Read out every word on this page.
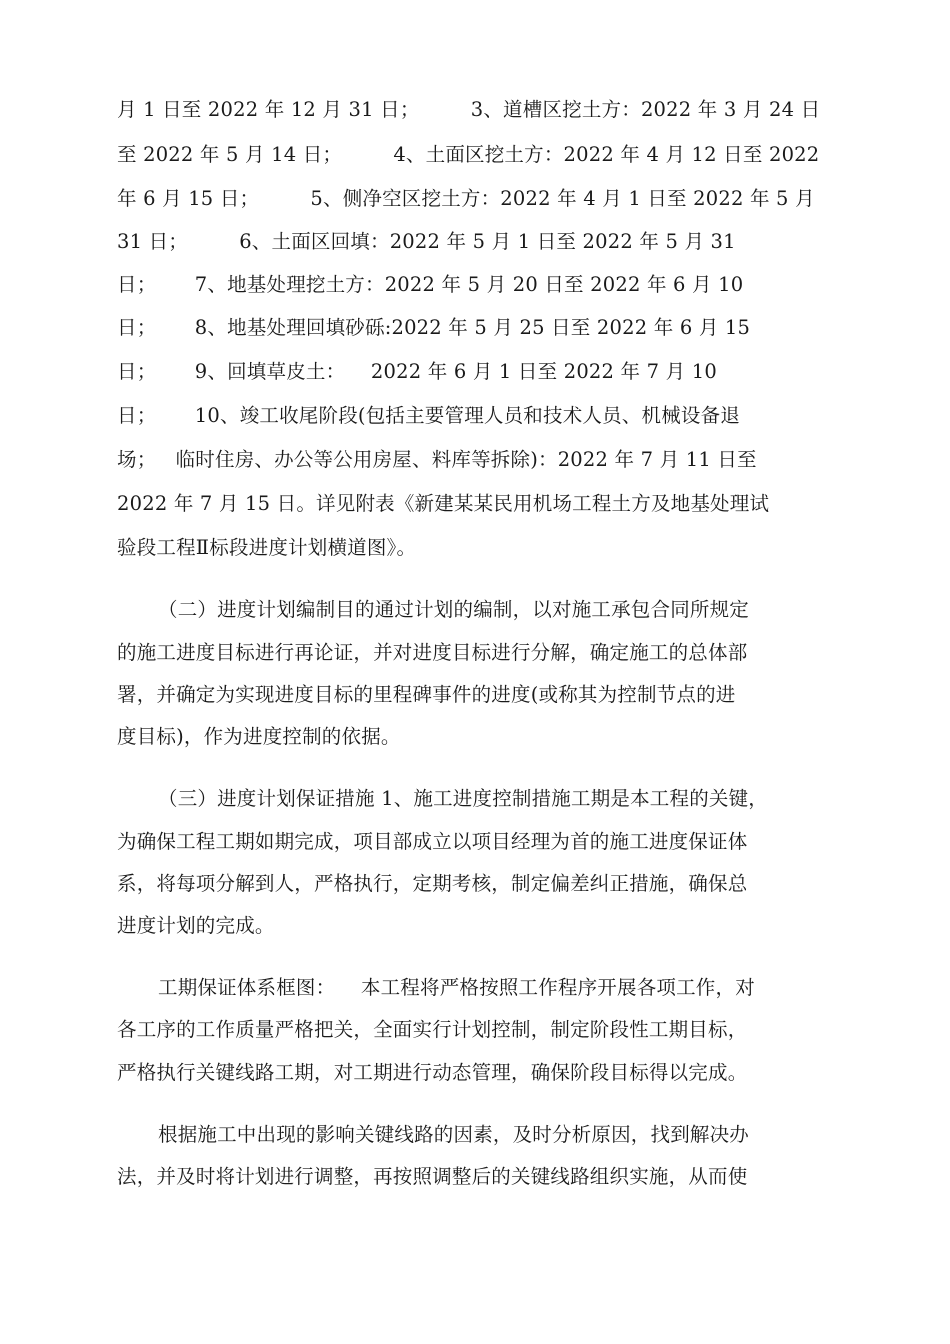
月 1 日至 2022 年 12 月 31 日；        3、道槽区挖土方：2022 年 3 月 24 日
至 2022 年 5 月 14 日；        4、土面区挖土方：2022 年 4 月 12 日至 2022
年 6 月 15 日；        5、侧净空区挖土方：2022 年 4 月 1 日至 2022 年 5 月
31 日；        6、土面区回填：2022 年 5 月 1 日至 2022 年 5 月 31
日；      7、地基处理挖土方：2022 年 5 月 20 日至 2022 年 6 月 10
日；      8、地基处理回填砂砾:2022 年 5 月 25 日至 2022 年 6 月 15
日；      9、回填草皮土：    2022 年 6 月 1 日至 2022 年 7 月 10
日；      10、竣工收尾阶段(包括主要管理人员和技术人员、机械设备退
场；   临时住房、办公等公用房屋、料库等拆除)：2022 年 7 月 11 日至
2022 年 7 月 15 日。详见附表《新建某某民用机场工程土方及地基处理试
验段工程Ⅱ标段进度计划横道图》。
（二）进度计划编制目的通过计划的编制，以对施工承包合同所规定
的施工进度目标进行再论证，并对进度目标进行分解，确定施工的总体部
署，并确定为实现进度目标的里程碑事件的进度(或称其为控制节点的进
度目标)，作为进度控制的依据。
（三）进度计划保证措施 1、施工进度控制措施工期是本工程的关键，
为确保工程工期如期完成，项目部成立以项目经理为首的施工进度保证体
系，将每项分解到人，严格执行，定期考核，制定偏差纠正措施，确保总
进度计划的完成。
工期保证体系框图：    本工程将严格按照工作程序开展各项工作，对
各工序的工作质量严格把关，全面实行计划控制，制定阶段性工期目标，
严格执行关键线路工期，对工期进行动态管理，确保阶段目标得以完成。
根据施工中出现的影响关键线路的因素，及时分析原因，找到解决办
法，并及时将计划进行调整，再按照调整后的关键线路组织实施，从而使
